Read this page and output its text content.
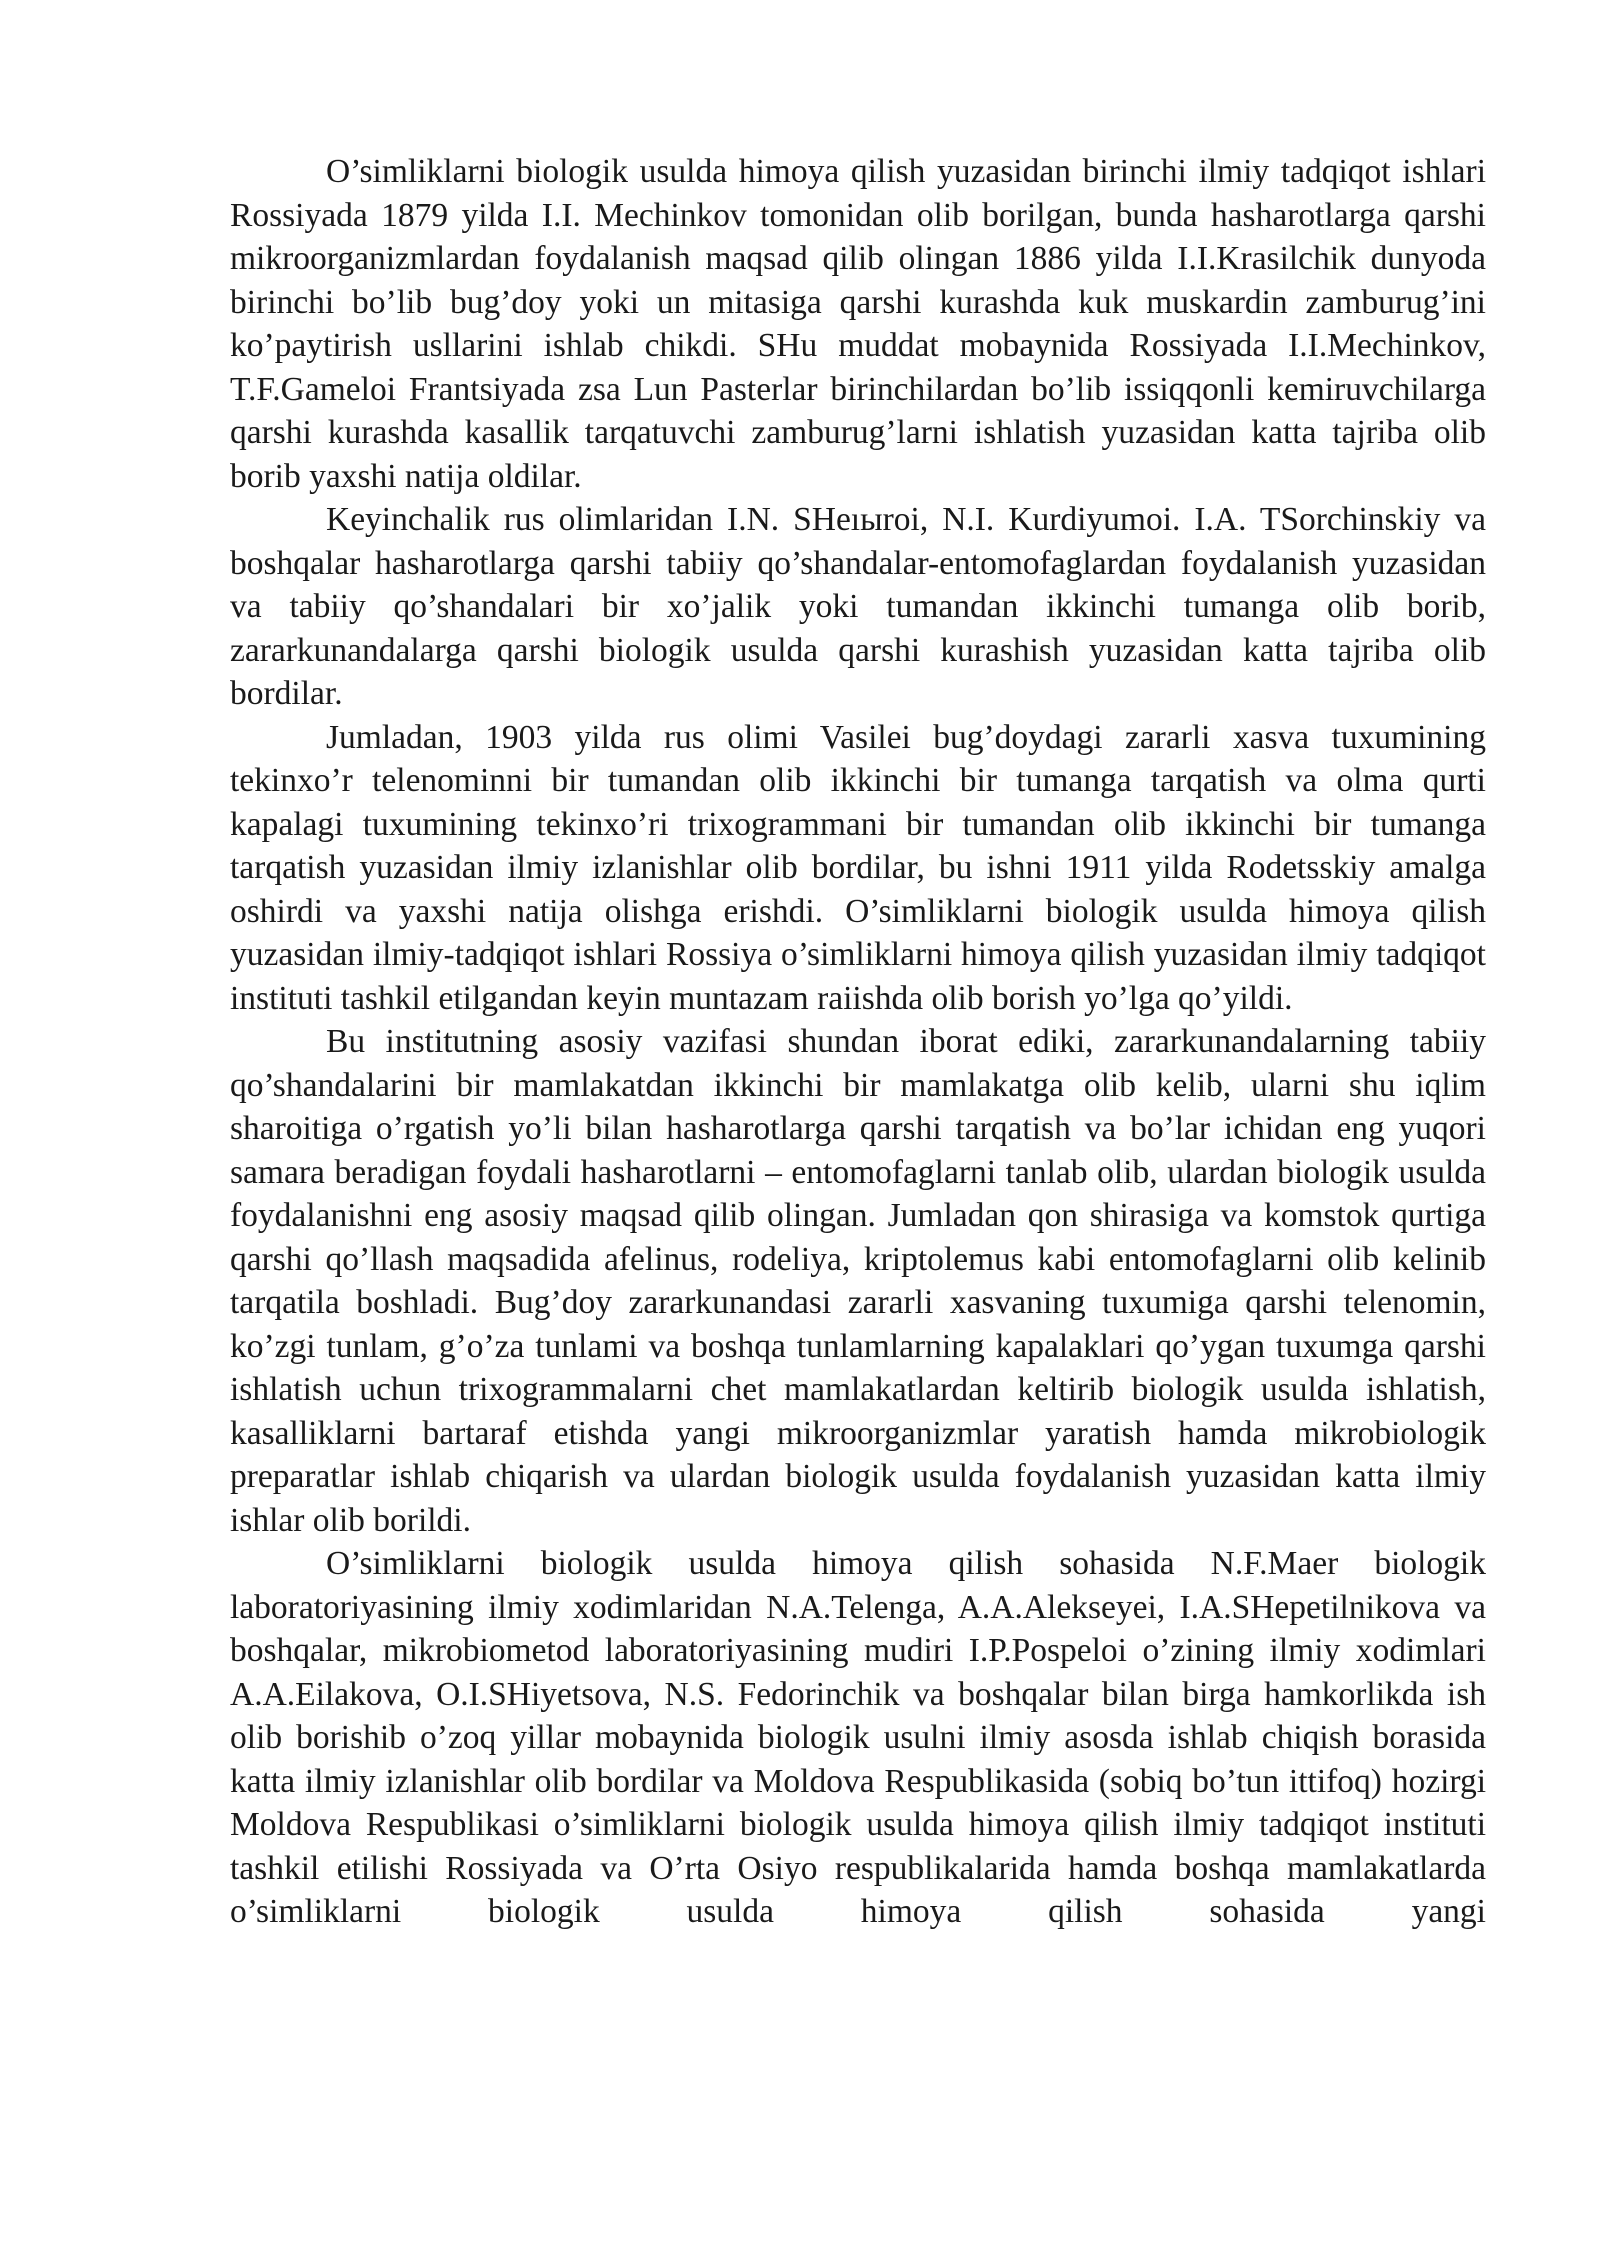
O’simliklarni biologik usulda himoya qilish yuzasidan birinchi ilmiy tadqiqot ishlari Rossiyada 1879 yilda I.I. Mechinkov tomonidan olib borilgan, bunda hasharotlarga qarshi mikroorganizmlardan foydalanish maqsad qilib olingan 1886 yilda I.I.Krasilchik dunyoda birinchi bo’lib bug’doy yoki un mitasiga qarshi kurashda kuk muskardin zamburug’ini ko’paytirish usllarini ishlab chikdi. SHu muddat mobaynida Rossiyada I.I.Mechinkov, T.F.Gameloi Frantsiyada zsa Lun Pasterlar birinchilardan bo’lib issiqqonli kemiruvchilarga qarshi kurashda kasallik tarqatuvchi zamburug’larni ishlatish yuzasidan katta tajriba olib borib yaxshi natija oldilar.

Keyinchalik rus olimlaridan I.N. SHeıыroi, N.I. Kurdiyumoi. I.A. TSorchinskiy va boshqalar hasharotlarga qarshi tabiiy qo’shandalar-entomofaglardan foydalanish yuzasidan va tabiiy qo’shandalari bir xo’jalik yoki tumandan ikkinchi tumanga olib borib, zararkunandalarga qarshi biologik usulda qarshi kurashish yuzasidan katta tajriba olib bordilar.

Jumladan, 1903 yilda rus olimi Vasilei bug’doydagi zararli xasva tuxumining tekinxo’r telenominni bir tumandan olib ikkinchi bir tumanga tarqatish va olma qurti kapalagi tuxumining tekinxo’ri trixogrammani bir tumandan olib ikkinchi bir tumanga tarqatish yuzasidan ilmiy izlanishlar olib bordilar, bu ishni 1911 yilda Rodetsskiy amalga oshirdi va yaxshi natija olishga erishdi. O’simliklarni biologik usulda himoya qilish yuzasidan ilmiy-tadqiqot ishlari Rossiya o’simliklarni himoya qilish yuzasidan ilmiy tadqiqot instituti tashkil etilgandan keyin muntazam raiishda olib borish yo’lga qo’yildi.

Bu institutning asosiy vazifasi shundan iborat ediki, zararkunandalarning tabiiy qo’shandalarini bir mamlakatdan ikkinchi bir mamlakatga olib kelib, ularni shu iqlim sharoitiga o’rgatish yo’li bilan hasharotlarga qarshi tarqatish va bo’lar ichidan eng yuqori samara beradigan foydali hasharotlarni – entomofaglarni tanlab olib, ulardan biologik usulda foydalanishni eng asosiy maqsad qilib olingan. Jumladan qon shirasiga va komstok qurtiga qarshi qo’llash maqsadida afelinus, rodeliya, kriptolemus kabi entomofaglarni olib kelinib tarqatila boshladi. Bug’doy zararkunandasi zararli xasvaning tuxumiga qarshi telenomin, ko’zgi tunlam, g’o’za tunlami va boshqa tunlamlarning kapalaklari qo’ygan tuxumga qarshi ishlatish uchun trixogrammalarni chet mamlakatlardan keltirib biologik usulda ishlatish, kasalliklarni bartaraf etishda yangi mikroorganizmlar yaratish hamda mikrobiologik preparatlar ishlab chiqarish va ulardan biologik usulda foydalanish yuzasidan katta ilmiy ishlar olib borildi.

O’simliklarni biologik usulda himoya qilish sohasida N.F.Maer biologik laboratoriyasining ilmiy xodimlaridan N.A.Telenga, A.A.Alekseyei, I.A.SHepetilnikova va boshqalar, mikrobiometod laboratoriyasining mudiri I.P.Pospeloi o’zining ilmiy xodimlari A.A.Eilakova, O.I.SHiyetsova, N.S. Fedorinchik va boshqalar bilan birga hamkorlikda ish olib borishib o’zoq yillar mobaynida biologik usulni ilmiy asosda ishlab chiqish borasida katta ilmiy izlanishlar olib bordilar va Moldova Respublikasida (sobiq bo’tun ittifoq) hozirgi Moldova Respublikasi o’simliklarni biologik usulda himoya qilish ilmiy tadqiqot instituti tashkil etilishi Rossiyada va O’rta Osiyo respublikalarida hamda boshqa mamlakatlarda o’simliklarni biologik usulda himoya qilish sohasida yangi
